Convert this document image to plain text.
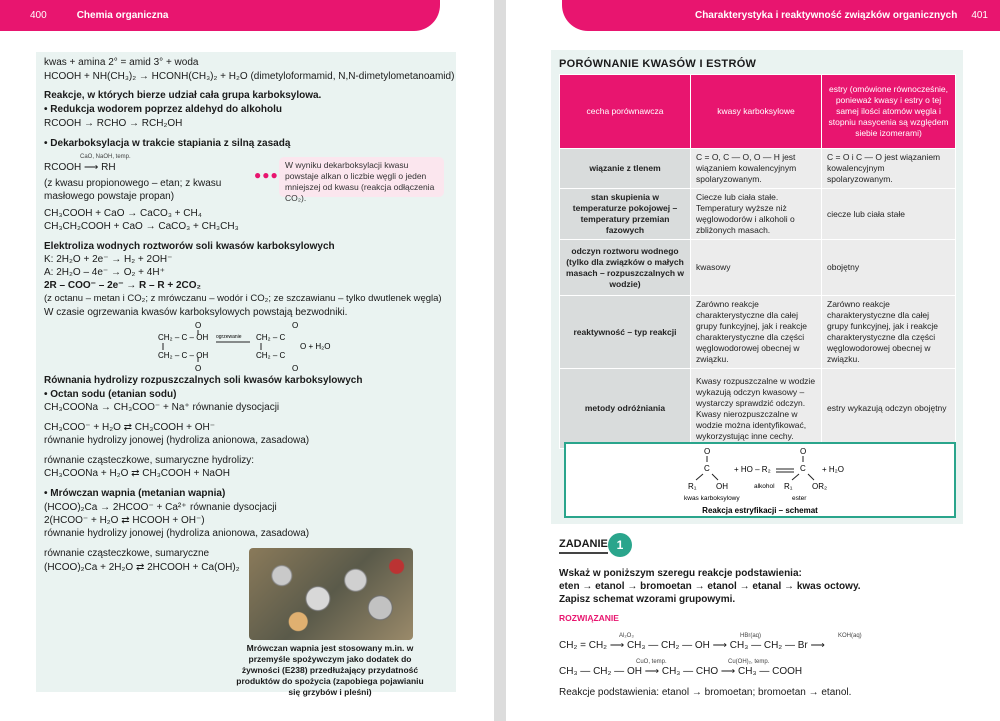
400	Chemia organiczna
kwas + amina 2° = amid 3° + woda
HCOOH + NH(CH₃)₂ → HCONH(CH₃)₂ + H₂O (dimetyloformamid, N,N-dimetylometanoamid)
Reakcje, w których bierze udział cała grupa karboksylowa.
• Redukcja wodorem poprzez aldehyd do alkoholu
RCOOH → RCHO → RCH₂OH
• Dekarboksylacja w trakcie stapiania z silną zasadą
CaO, NaOH, temp.
RCOOH ⟶ RH
(z kwasu propionowego – etan; z kwasu
masłowego powstaje propan)
CH₃COOH + CaO → CaCO₃ + CH₄
CH₃CH₂COOH + CaO → CaCO₃ + CH₃CH₃
Elektroliza wodnych roztworów soli kwasów karboksylowych
K: 2H₂O + 2e⁻ → H₂ + 2OH⁻
A: 2H₂O – 4e⁻ → O₂ + 4H⁺
2R – COO⁻ – 2e⁻ → R – R + 2CO₂
(z octanu – metan i CO₂; z mrówczanu – wodór i CO₂; ze szczawianu – tylko dwutlenek węgla)
W czasie ogrzewania kwasów karboksylowych powstają bezwodniki.
O
O
CH₂ – C – OH
CH₂ – C – OH
ogrzewanie
O
O
CH₂ – C
CH₂ – C
O + H₂O
Równania hydrolizy rozpuszczalnych soli kwasów karboksylowych
• Octan sodu (etanian sodu)
CH₃COONa → CH₃COO⁻ + Na⁺ równanie dysocjacji
CH₃COO⁻ + H₂O ⇄ CH₃COOH + OH⁻
równanie hydrolizy jonowej (hydroliza anionowa, zasadowa)
równanie cząsteczkowe, sumaryczne hydrolizy:
CH₃COONa + H₂O ⇄ CH₃COOH + NaOH
• Mrówczan wapnia (metanian wapnia)
(HCOO)₂Ca → 2HCOO⁻ + Ca²⁺ równanie dysocjacji
2(HCOO⁻ + H₂O ⇄ HCOOH + OH⁻)
równanie hydrolizy jonowej (hydroliza anionowa, zasadowa)
równanie cząsteczkowe, sumaryczne
(HCOO)₂Ca + 2H₂O ⇄ 2HCOOH + Ca(OH)₂
●●●
W wyniku dekarboksylacji kwasu powstaje alkan o liczbie węgli o jeden mniejszej od kwasu (reakcja odłączenia CO₂).
Mrówczan wapnia jest stosowany m.in. w przemyśle spożywczym jako dodatek do żywności (E238) przedłużający przydatność produktów do spożycia (zapobiega pojawianiu się grzybów i pleśni)
Charakterystyka i reaktywność związków organicznych 401
PORÓWNANIE KWASÓW I ESTRÓW
cecha porównawcza	kwasy karboksylowe	estry (omówione równocześnie, ponieważ kwasy i estry o tej samej ilości atomów węgla i stopniu nasycenia są względem siebie izomerami)
wiązanie z tlenem	C = O, C — O, O — H jest wiązaniem kowalencyjnym spolaryzowanym.	C = O i C — O jest wiązaniem kowalencyjnym spolaryzowanym.
stan skupienia w temperaturze pokojowej – temperatury przemian fazowych	Ciecze lub ciała stałe. Temperatury wyższe niż węglowodorów i alkoholi o zbliżonych masach.	ciecze lub ciała stałe
odczyn roztworu wodnego (tylko dla związków o małych masach – rozpuszczalnych w wodzie)	kwasowy	obojętny
reaktywność – typ reakcji	Zarówno reakcje charakterystyczne dla całej grupy funkcyjnej, jak i reakcje charakterystyczne dla części węglowodorowej obecnej w związku.	Zarówno reakcje charakterystyczne dla całej grupy funkcyjnej, jak i reakcje charakterystyczne dla części węglowodorowej obecnej w związku.
metody odróżniania	Kwasy rozpuszczalne w wodzie wykazują odczyn kwasowy – wystarczy sprawdzić odczyn. Kwasy nierozpuszczalne w wodzie można identyfikować, wykorzystując inne cechy.	estry wykazują odczyn obojętny
O
C
R₁ OH
+ HO – R₂
O
C
R₁ OR₂
+ H₂O
kwas karboksylowy
alkohol
ester
Reakcja estryfikacji – schemat
ZADANIE 1
Wskaż w poniższym szeregu reakcje podstawienia:
eten → etanol → bromoetan → etanol → etanal → kwas octowy.
Zapisz schemat wzorami grupowymi.
ROZWIĄZANIE
Al₂O₃	HBr(aq)	KOH(aq)
CH₂ = CH₂ ⟶ CH₃ — CH₂ — OH ⟶ CH₃ — CH₂ — Br ⟶
CuO, temp.	Cu(OH)₂, temp.
CH₃ — CH₂ — OH ⟶ CH₃ — CHO ⟶ CH₃ — COOH
Reakcje podstawienia: etanol → bromoetan; bromoetan → etanol.
